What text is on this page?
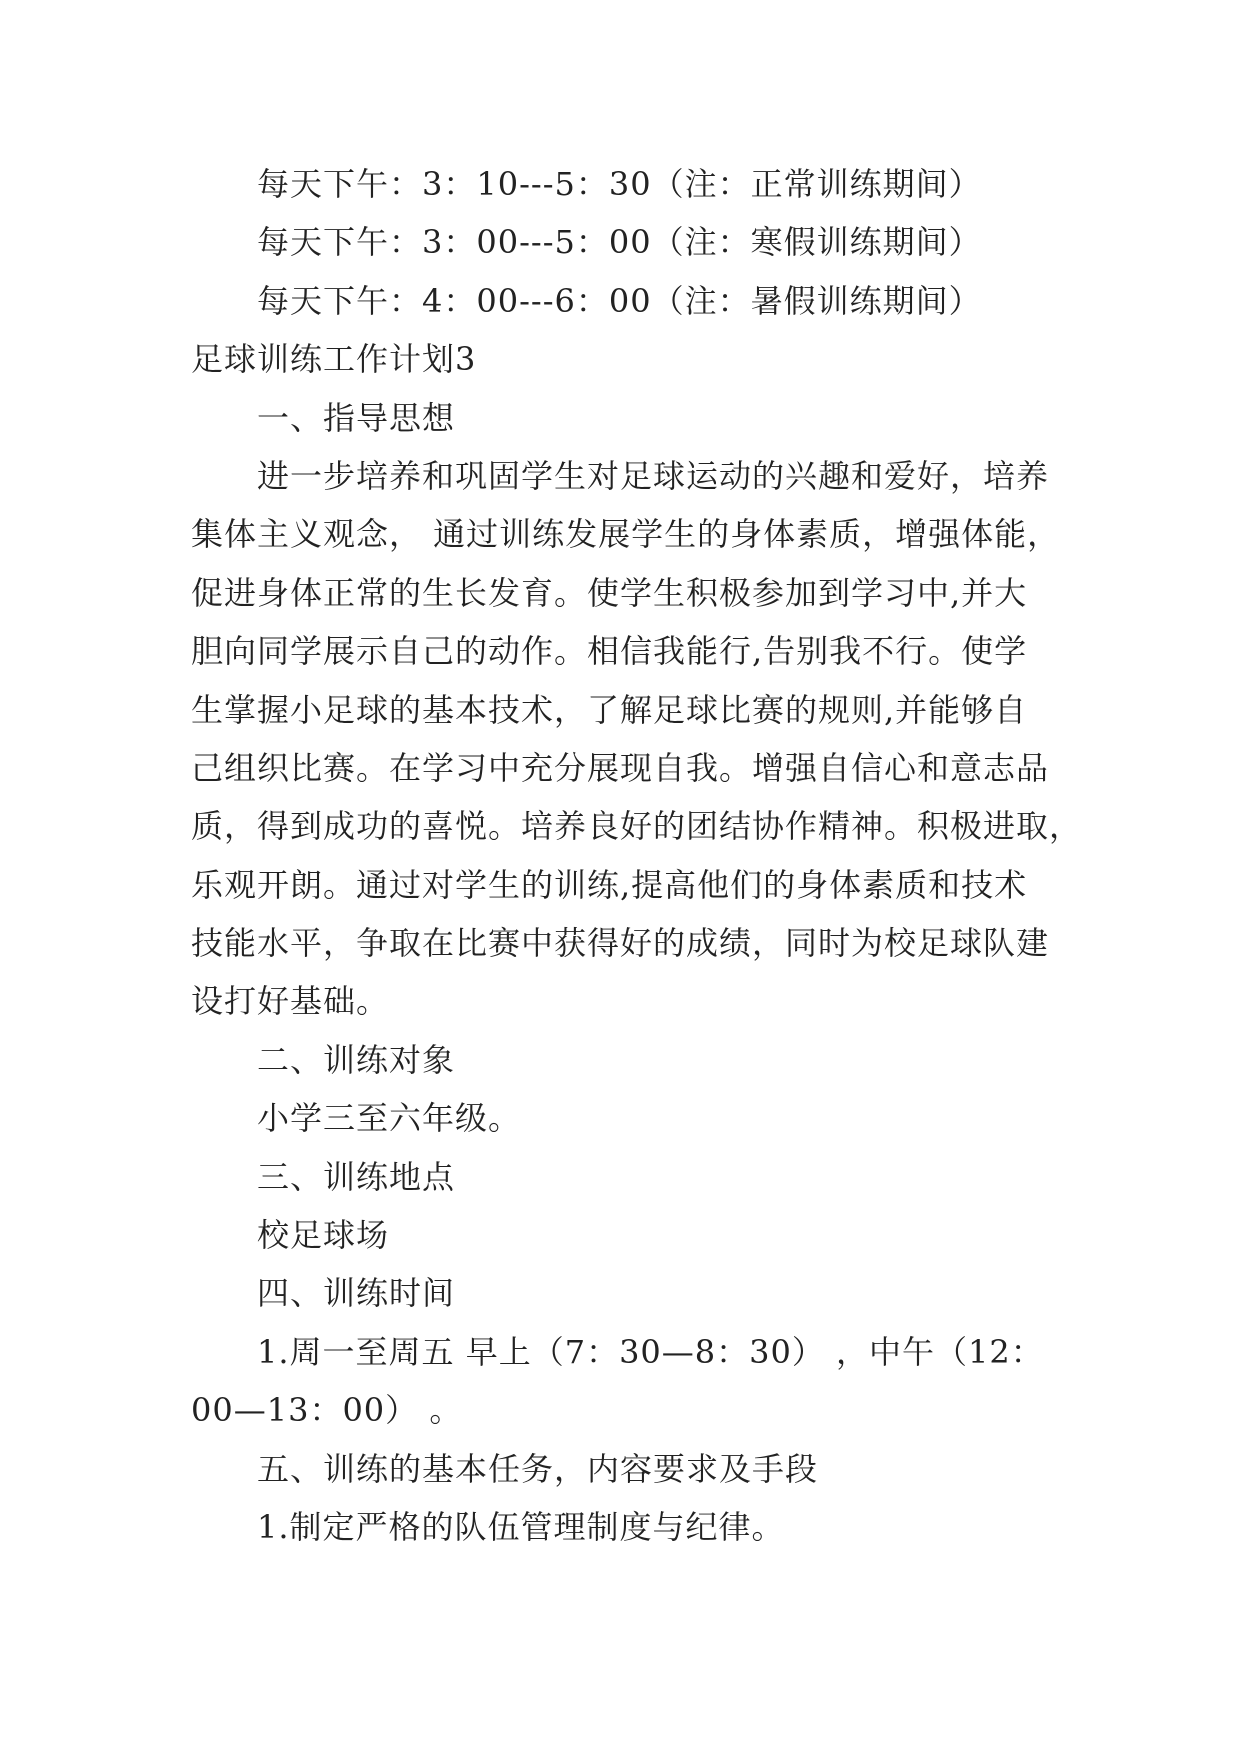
每天下午：3：10---5：30（注：正常训练期间）
每天下午：3：00---5：00（注：寒假训练期间）
每天下午：4：00---6：00（注：暑假训练期间）
足球训练工作计划3
一、指导思想
进一步培养和巩固学生对足球运动的兴趣和爱好，培养
集体主义观念， 通过训练发展学生的身体素质，增强体能，
促进身体正常的生长发育。使学生积极参加到学习中,并大
胆向同学展示自己的动作。相信我能行,告别我不行。使学
生掌握小足球的基本技术，了解足球比赛的规则,并能够自
己组织比赛。在学习中充分展现自我。增强自信心和意志品
质，得到成功的喜悦。培养良好的团结协作精神。积极进取，
乐观开朗。通过对学生的训练,提高他们的身体素质和技术
技能水平，争取在比赛中获得好的成绩，同时为校足球队建
设打好基础。
二、训练对象
小学三至六年级。
三、训练地点
校足球场
四、训练时间
1.周一至周五 早上（7：30—8：30） ，中午（12：
00—13：00） 。
五、训练的基本任务，内容要求及手段
1.制定严格的队伍管理制度与纪律。
